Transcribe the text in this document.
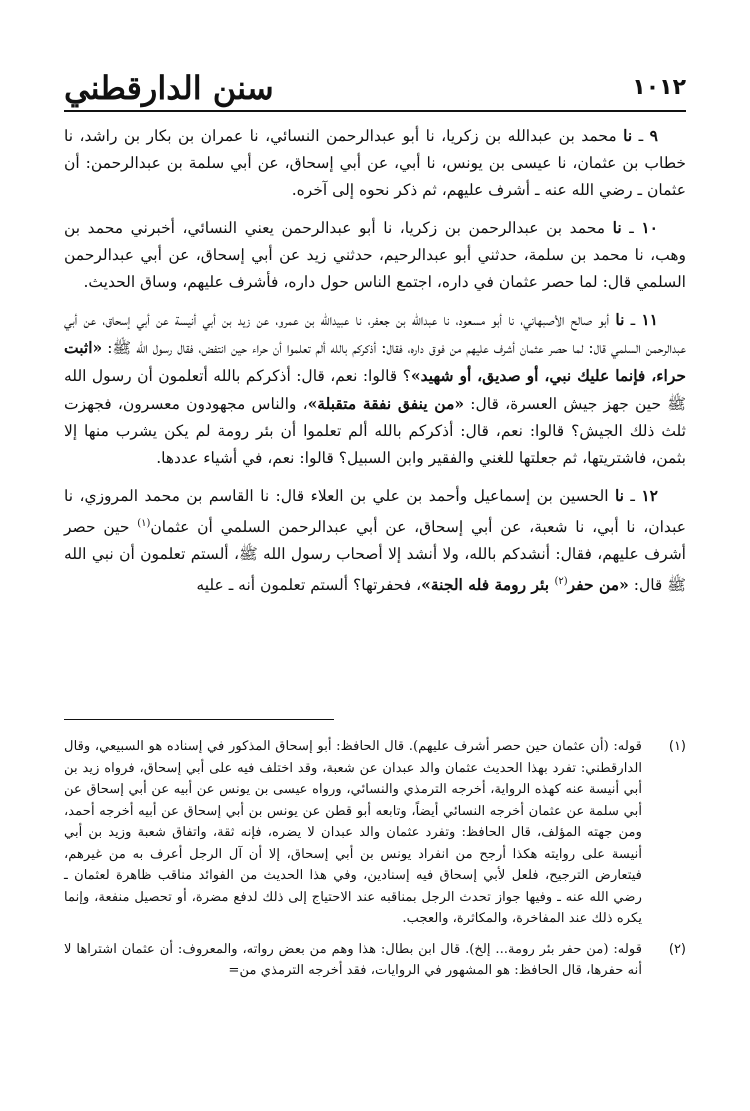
١٠١٢
سنن الدارقطني

٩ ـ نا محمد بن عبدالله بن زكريا، نا أبو عبدالرحمن النسائي، نا عمران بن بكار بن راشد، نا خطاب بن عثمان، نا عيسى بن يونس، نا أبي، عن أبي إسحاق، عن أبي سلمة بن عبدالرحمن: أن عثمان ـ رضي الله عنه ـ أشرف عليهم، ثم ذكر نحوه إلى آخره.

١٠ ـ نا محمد بن عبدالرحمن بن زكريا، نا أبو عبدالرحمن يعني النسائي، أخبرني محمد بن وهب، نا محمد بن سلمة، حدثني أبو عبدالرحيم، حدثني زيد عن أبي إسحاق، عن أبي عبدالرحمن السلمي قال: لما حصر عثمان في داره، اجتمع الناس حول داره، فأشرف عليهم، وساق الحديث.

١١ ـ نا أبو صالح الأصبهاني، نا أبو مسعود، نا عبدالله بن جعفر، نا عبيدالله بن عمرو، عن زيد بن أبي أنيسة عن أبي إسحاق، عن أبي عبدالرحمن السلمي قال: لما حصر عثمان أشرف عليهم من فوق داره، فقال: أذكركم بالله ألم تعلموا أن حراء حين انتفض، فقال رسول الله ﷺ: «اثبت حراء، فإنما عليك نبي، أو صديق، أو شهيد»؟ قالوا: نعم، قال: أذكركم بالله أتعلمون أن رسول الله ﷺ حين جهز جيش العسرة، قال: «من ينفق نفقة متقبلة»، والناس مجهودون معسرون، فجهزت ثلث ذلك الجيش؟ قالوا: نعم، قال: أذكركم بالله ألم تعلموا أن بئر رومة لم يكن يشرب منها إلا بثمن، فاشتريتها، ثم جعلتها للغني والفقير وابن السبيل؟ قالوا: نعم، في أشياء عددها.

١٢ ـ نا الحسين بن إسماعيل وأحمد بن علي بن العلاء قال: نا القاسم بن محمد المروزي، نا عبدان، نا أبي، نا شعبة، عن أبي إسحاق، عن أبي عبدالرحمن السلمي أن عثمان$^{(١)}$ حين حصر أشرف عليهم، فقال: أنشدكم بالله، ولا أنشد إلا أصحاب رسول الله ﷺ، ألستم تعلمون أن نبي الله ﷺ قال: «من حفر$^{(٢)}$ بئر رومة فله الجنة»، فحفرتها؟ ألستم تعلمون أنه ـ عليه

(١)
قوله: (أن عثمان حين حصر أشرف عليهم). قال الحافظ: أبو إسحاق المذكور في إسناده هو السبيعي، وقال الدارقطني: تفرد بهذا الحديث عثمان والد عبدان عن شعبة، وقد اختلف فيه على أبي إسحاق، فرواه زيد بن أبي أنيسة عنه كهذه الرواية، أخرجه الترمذي والنسائي، ورواه عيسى بن يونس عن أبيه عن أبي إسحاق عن أبي سلمة عن عثمان أخرجه النسائي أيضاً، وتابعه أبو قطن عن يونس بن أبي إسحاق عن أبيه أخرجه أحمد، ومن جهته المؤلف، قال الحافظ: وتفرد عثمان والد عبدان لا يضره، فإنه ثقة، واتفاق شعبة وزيد بن أبي أنيسة على روايته هكذا أرجح من انفراد يونس بن أبي إسحاق، إلا أن آل الرجل أعرف به من غيرهم، فيتعارض الترجيح، فلعل لأبي إسحاق فيه إسنادين، وفي هذا الحديث من الفوائد مناقب ظاهرة لعثمان ـ رضي الله عنه ـ وفيها جواز تحدث الرجل بمناقبه عند الاحتياج إلى ذلك لدفع مضرة، أو تحصيل منفعة، وإنما يكره ذلك عند المفاخرة، والمكاثرة، والعجب.
(٢)
قوله: (من حفر بئر رومة... إلخ). قال ابن بطال: هذا وهم من بعض رواته، والمعروف: أن عثمان اشتراها لا أنه حفرها، قال الحافظ: هو المشهور في الروايات، فقد أخرجه الترمذي من=
